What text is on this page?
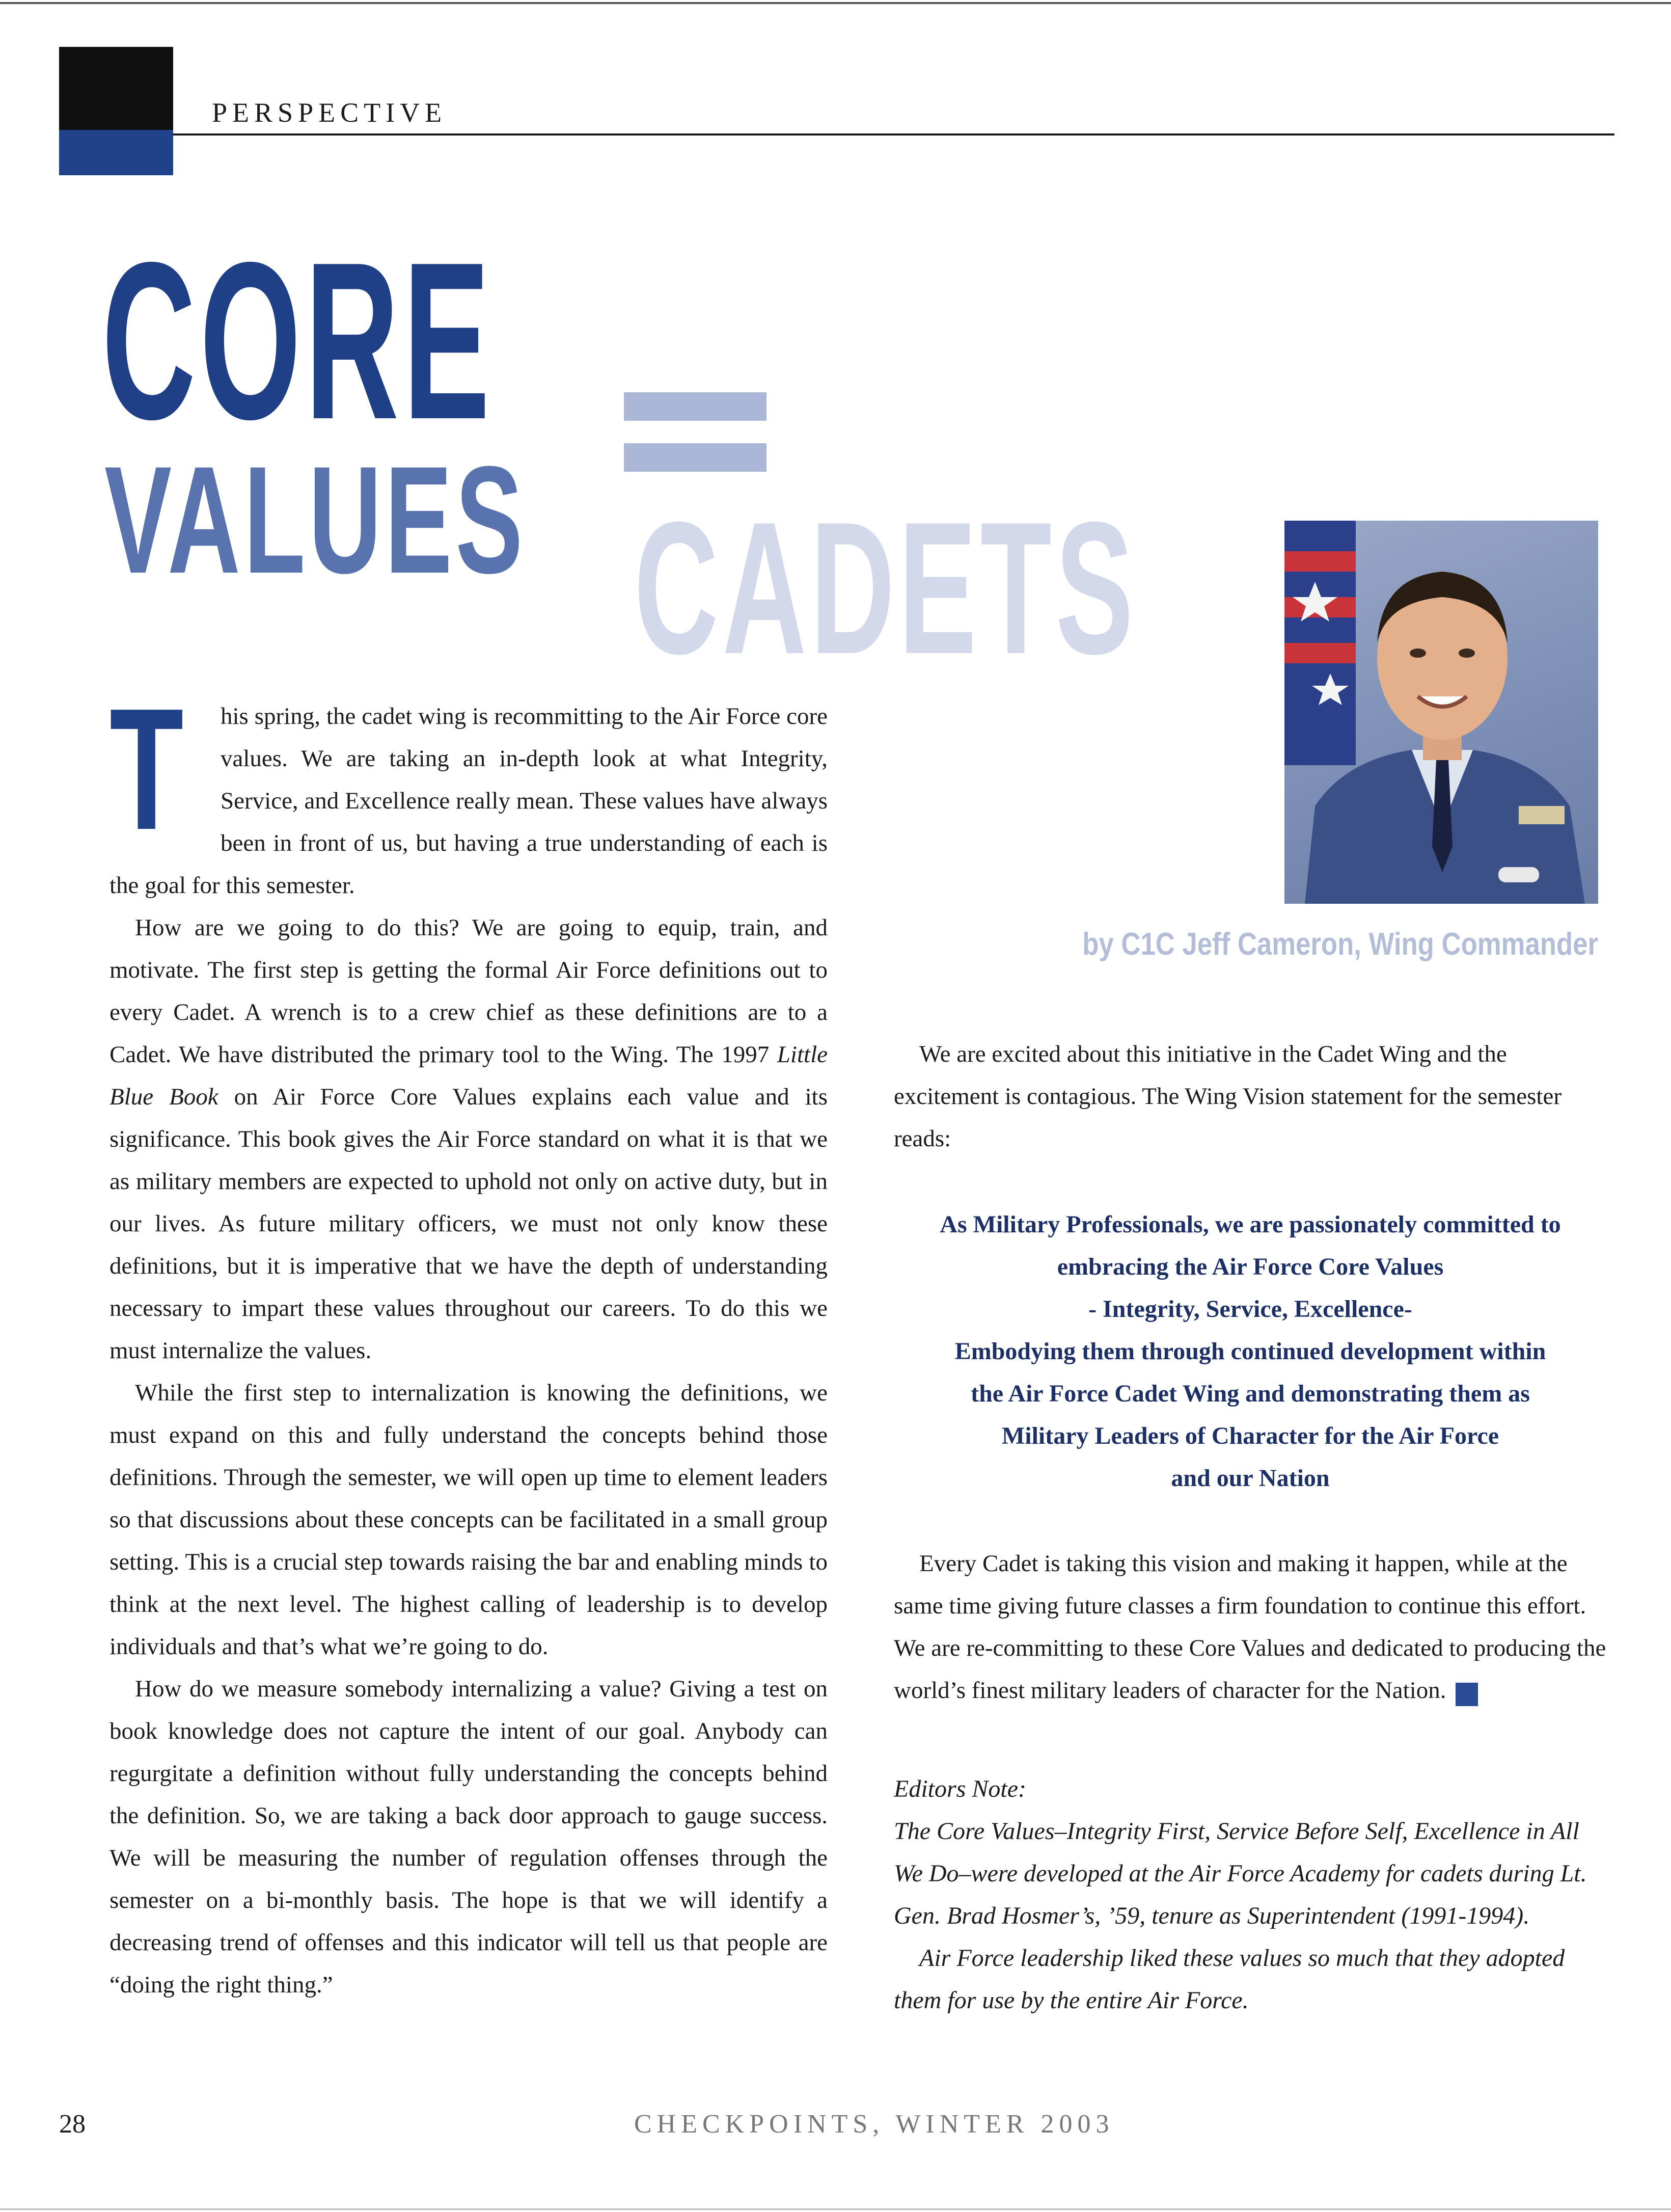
PERSPECTIVE
CADETS
CORE
VALUES
by C1C Jeff Cameron, Wing Commander

T his spring, the cadet wing is recommitting to the Air Force core values. We are taking an in-depth look at what Integrity, Service, and Excellence really mean. These values have always been in front of us, but having a true understanding of each is the goal for this semester.

How are we going to do this? We are going to equip, train, and motivate. The first step is getting the formal Air Force definitions out to every Cadet. A wrench is to a crew chief as these definitions are to a Cadet. We have distributed the primary tool to the Wing. The 1997 Little Blue Book on Air Force Core Values explains each value and its significance. This book gives the Air Force standard on what it is that we as military members are expected to uphold not only on active duty, but in our lives. As future military officers, we must not only know these definitions, but it is imperative that we have the depth of understanding necessary to impart these values throughout our careers. To do this we must internalize the values.

While the first step to internalization is knowing the definitions, we must expand on this and fully understand the concepts behind those definitions. Through the semester, we will open up time to element leaders so that discussions about these concepts can be facilitated in a small group setting. This is a crucial step towards raising the bar and enabling minds to think at the next level. The highest calling of leadership is to develop individuals and that’s what we’re going to do.

How do we measure somebody internalizing a value? Giving a test on book knowledge does not capture the intent of our goal. Anybody can regurgitate a definition without fully understanding the concepts behind the definition. So, we are taking a back door approach to gauge success. We will be measuring the number of regulation offenses through the semester on a bi-monthly basis. The hope is that we will identify a decreasing trend of offenses and this indicator will tell us that people are “doing the right thing.”

We are excited about this initiative in the Cadet Wing and the excitement is contagious. The Wing Vision statement for the semester reads:

As Military Professionals, we are passionately committed to
embracing the Air Force Core Values
- Integrity, Service, Excellence-
Embodying them through continued development within
the Air Force Cadet Wing and demonstrating them as
Military Leaders of Character for the Air Force
and our Nation

Every Cadet is taking this vision and making it happen, while at the same time giving future classes a firm foundation to continue this effort. We are re-committing to these Core Values and dedicated to producing the world’s finest military leaders of character for the Nation. ✓

Editors Note:
The Core Values–Integrity First, Service Before Self, Excellence in All We Do–were developed at the Air Force Academy for cadets during Lt. Gen. Brad Hosmer’s, ’59, tenure as Superintendent (1991-1994).

Air Force leadership liked these values so much that they adopted them for use by the entire Air Force.

28	CHECKPOINTS, WINTER 2003
